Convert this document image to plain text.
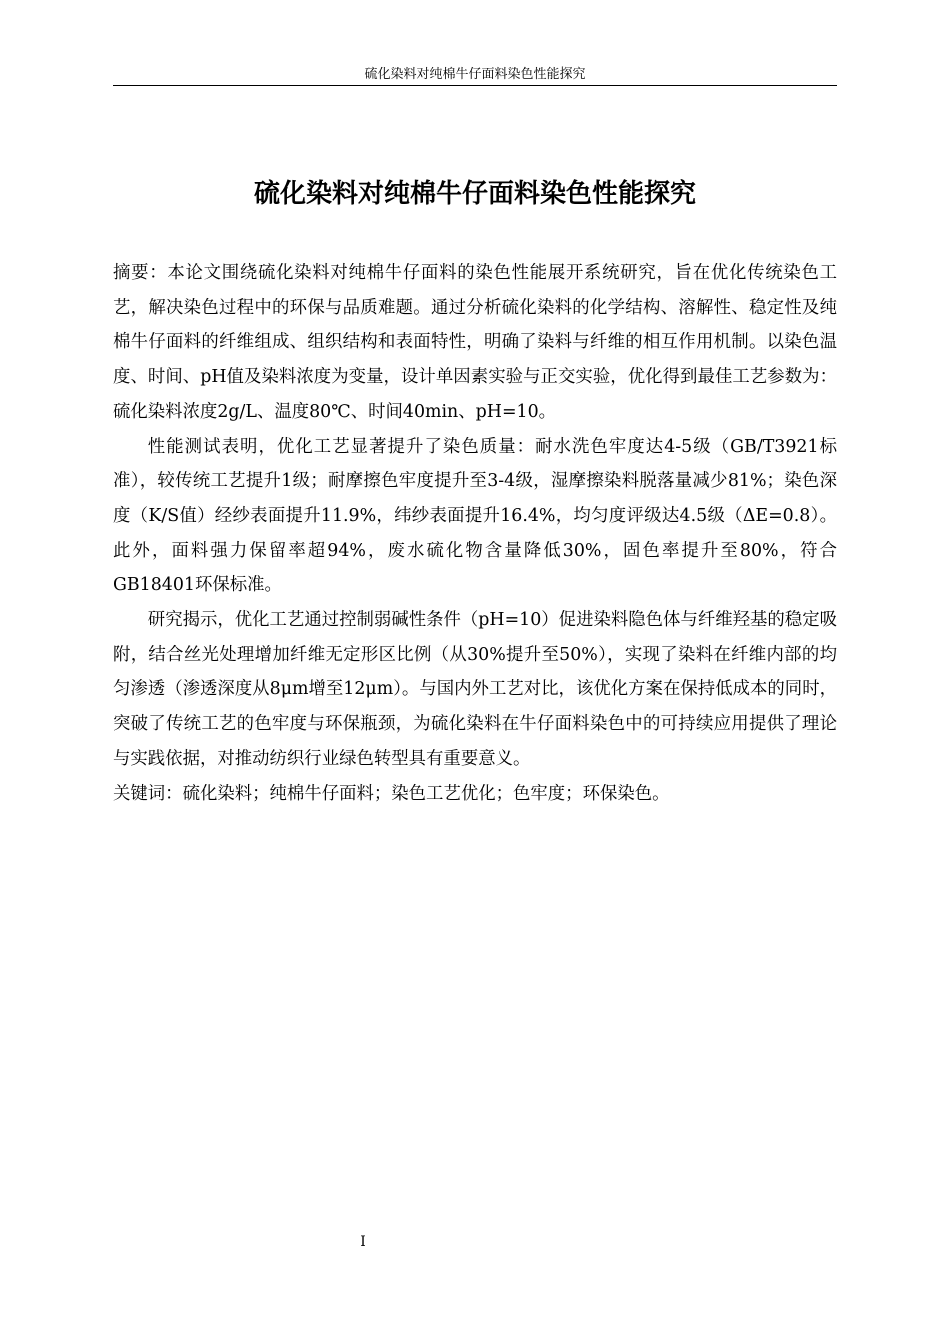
硫化染料对纯棉牛仔面料染色性能探究
硫化染料对纯棉牛仔面料染色性能探究

摘要：本论文围绕硫化染料对纯棉牛仔面料的染色性能展开系统研究，旨在优化传统染色工艺，解决染色过程中的环保与品质难题。通过分析硫化染料的化学结构、溶解性、稳定性及纯棉牛仔面料的纤维组成、组织结构和表面特性，明确了染料与纤维的相互作用机制。以染色温度、时间、pH值及染料浓度为变量，设计单因素实验与正交实验，优化得到最佳工艺参数为：硫化染料浓度2g/L、温度80℃、时间40min、pH=10。

性能测试表明，优化工艺显著提升了染色质量：耐水洗色牢度达4-5级（GB/T3921标准），较传统工艺提升1级；耐摩擦色牢度提升至3-4级，湿摩擦染料脱落量减少81%；染色深度（K/S值）经纱表面提升11.9%，纬纱表面提升16.4%，均匀度评级达4.5级（ΔE=0.8）。此外，面料强力保留率超94%，废水硫化物含量降低30%，固色率提升至80%，符合GB18401环保标准。

研究揭示，优化工艺通过控制弱碱性条件（pH=10）促进染料隐色体与纤维羟基的稳定吸附，结合丝光处理增加纤维无定形区比例（从30%提升至50%），实现了染料在纤维内部的均匀渗透（渗透深度从8μm增至12μm）。与国内外工艺对比，该优化方案在保持低成本的同时，突破了传统工艺的色牢度与环保瓶颈，为硫化染料在牛仔面料染色中的可持续应用提供了理论与实践依据，对推动纺织行业绿色转型具有重要意义。

关键词：硫化染料；纯棉牛仔面料；染色工艺优化；色牢度；环保染色。

I
